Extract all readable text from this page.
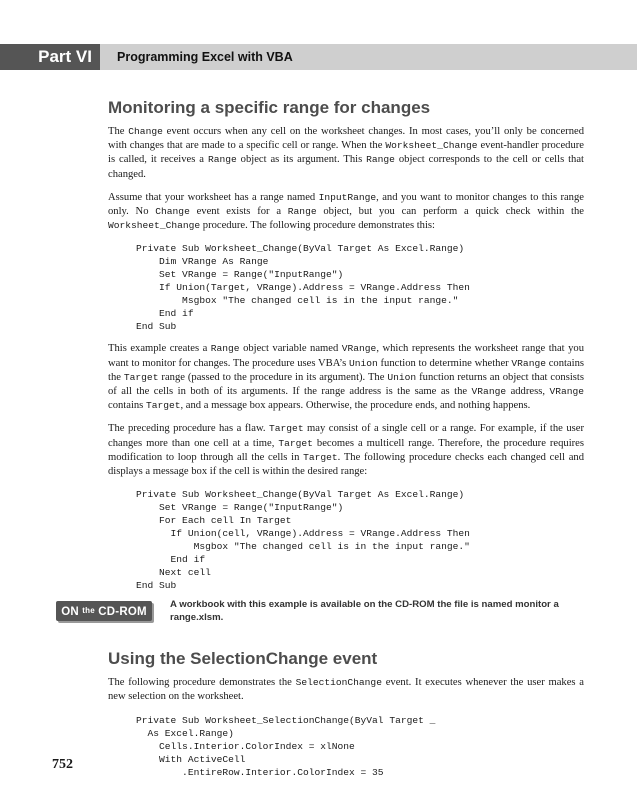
Part VI	Programming Excel with VBA
Monitoring a specific range for changes

The Change event occurs when any cell on the worksheet changes. In most cases, you’ll only be concerned with changes that are made to a specific cell or range. When the Worksheet_Change event-handler procedure is called, it receives a Range object as its argument. This Range object corresponds to the cell or cells that changed.

Assume that your worksheet has a range named InputRange, and you want to monitor changes to this range only. No Change event exists for a Range object, but you can perform a quick check within the Worksheet_Change procedure. The following procedure demonstrates this:

Private Sub Worksheet_Change(ByVal Target As Excel.Range)
Dim VRange As Range
Set VRange = Range("InputRange")
If Union(Target, VRange).Address = VRange.Address Then
Msgbox "The changed cell is in the input range."
End if
End Sub

This example creates a Range object variable named VRange, which represents the worksheet range that you want to monitor for changes. The procedure uses VBA’s Union function to determine whether VRange contains the Target range (passed to the procedure in its argument). The Union function returns an object that consists of all the cells in both of its arguments. If the range address is the same as the VRange address, VRange contains Target, and a message box appears. Otherwise, the procedure ends, and nothing happens.

The preceding procedure has a flaw. Target may consist of a single cell or a range. For example, if the user changes more than one cell at a time, Target becomes a multicell range. Therefore, the procedure requires modification to loop through all the cells in Target. The following procedure checks each changed cell and displays a message box if the cell is within the desired range:

Private Sub Worksheet_Change(ByVal Target As Excel.Range)
Set VRange = Range("InputRange")
For Each cell In Target
If Union(cell, VRange).Address = VRange.Address Then
Msgbox "The changed cell is in the input range."
End if
Next cell
End Sub
ON the CD-ROM
A workbook with this example is available on the CD-ROM the file is named monitor a range.xlsm.
Using the SelectionChange event

The following procedure demonstrates the SelectionChange event. It executes whenever the user makes a new selection on the worksheet.

Private Sub Worksheet_SelectionChange(ByVal Target _
As Excel.Range)
Cells.Interior.ColorIndex = xlNone
With ActiveCell
.EntireRow.Interior.ColorIndex = 35
752
